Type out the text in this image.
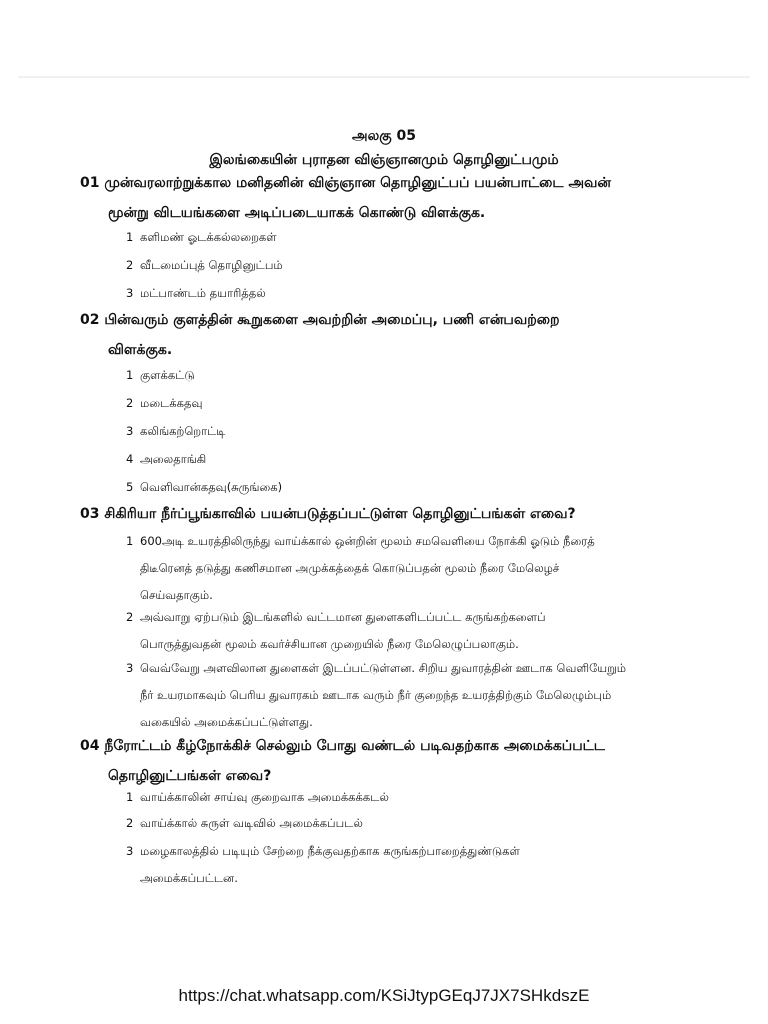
அலகு 05
இலங்கையின் புராதன விஞ்ஞானமும் தொழினுட்பமும்
01 முன்வரலாற்றுக்கால மனிதனின் விஞ்ஞான தொழினுட்பப் பயன்பாட்டை அவன்
மூன்று விடயங்களை அடிப்படையாகக் கொண்டு விளக்குக.
1 களிமண் ஓடக்கல்லறைகள்
2 வீடமைப்புத் தொழினுட்பம்
3 மட்பாண்டம் தயாரித்தல்
02 பின்வரும் குளத்தின் கூறுகளை அவற்றின் அமைப்பு, பணி என்பவற்றை
விளக்குக.
1 குளக்கட்டு
2 மடைக்கதவு
3 கலிங்கற்றொட்டி
4 அலைதாங்கி
5 வெளிவான்கதவு(சுருங்கை)
03 சிகிரியா நீர்ப்பூங்காவில் பயன்படுத்தப்பட்டுள்ள தொழினுட்பங்கள் எவை?
1 600அடி உயரத்திலிருந்து வாய்க்கால் ஒன்றின் மூலம் சமவெளியை நோக்கி ஓடும் நீரைத்
திடீரெனத் தடுத்து கணிசமான அமுக்கத்தைக் கொடுப்பதன் மூலம் நீரை மேலெழச்
செய்வதாகும்.
2 அவ்வாறு ஏற்படும் இடங்களில் வட்டமான துளைகளிடப்பட்ட கருங்கற்களைப்
பொருத்துவதன் மூலம் கவர்ச்சியான முறையில் நீரை மேலெழுப்பலாகும்.
3 வெவ்வேறு அளவிலான துளைகள் இடப்பட்டுள்ளன. சிறிய துவாரத்தின் ஊடாக வெளியேறும்
நீர் உயரமாகவும் பெரிய துவாரகம் ஊடாக வரும் நீர் குறைந்த உயரத்திற்கும் மேலெழும்பும்
வகையில் அமைக்கப்பட்டுள்ளது.
04 நீரோட்டம் கீழ்நோக்கிச் செல்லும் போது வண்டல் படிவதற்காக அமைக்கப்பட்ட
தொழினுட்பங்கள் எவை?
1 வாய்க்காலின் சாய்வு குறைவாக அமைக்கக்கடல்
2 வாய்க்கால் சுருள் வடிவில் அமைக்கப்படல்
3 மழைகாலத்தில் படியும் சேற்றை நீக்குவதற்காக கருங்கற்பாறைத்துண்டுகள்
அமைக்கப்பட்டன.
https://chat.whatsapp.com/KSiJtypGEqJ7JX7SHkdszE
